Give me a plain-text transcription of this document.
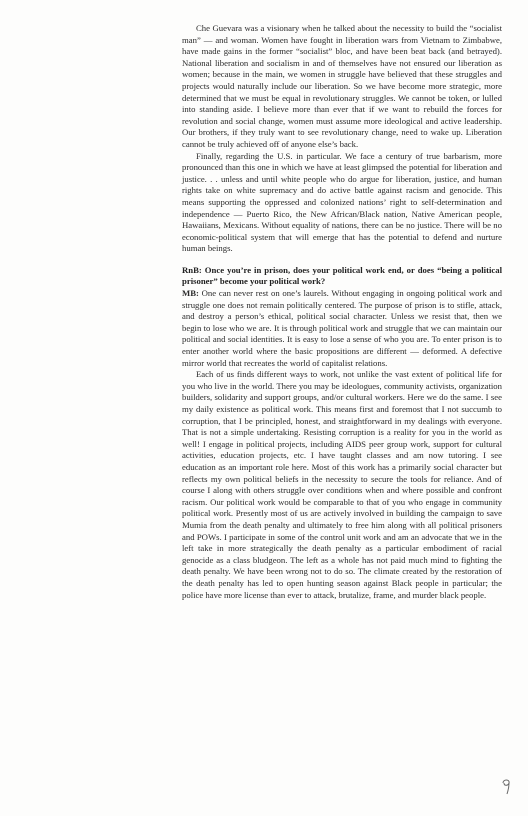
Che Guevara was a visionary when he talked about the necessity to build the “socialist man” — and woman. Women have fought in liberation wars from Vietnam to Zimbabwe, have made gains in the former “socialist” bloc, and have been beat back (and betrayed). National liberation and socialism in and of themselves have not ensured our liberation as women; because in the main, we women in struggle have believed that these struggles and projects would naturally include our liberation. So we have become more strategic, more determined that we must be equal in revolutionary struggles. We cannot be token, or lulled into standing aside. I believe more than ever that if we want to rebuild the forces for revolution and social change, women must assume more ideological and active leadership. Our brothers, if they truly want to see revolutionary change, need to wake up. Liberation cannot be truly achieved off of anyone else’s back.

Finally, regarding the U.S. in particular. We face a century of true barbarism, more pronounced than this one in which we have at least glimpsed the potential for liberation and justice. . . unless and until white people who do argue for liberation, justice, and human rights take on white supremacy and do active battle against racism and genocide. This means supporting the oppressed and colonized nations’ right to self-determination and independence — Puerto Rico, the New African/Black nation, Native American people, Hawaiians, Mexicans. Without equality of nations, there can be no justice. There will be no economic-political system that will emerge that has the potential to defend and nurture human beings.

RnB: Once you’re in prison, does your political work end, or does “being a political prisoner” become your political work?

MB: One can never rest on one’s laurels. Without engaging in ongoing political work and struggle one does not remain politically centered. The purpose of prison is to stifle, attack, and destroy a person’s ethical, political social character. Unless we resist that, then we begin to lose who we are. It is through political work and struggle that we can maintain our political and social identities. It is easy to lose a sense of who you are. To enter prison is to enter another world where the basic propositions are different — deformed. A defective mirror world that recreates the world of capitalist relations.

Each of us finds different ways to work, not unlike the vast extent of political life for you who live in the world. There you may be ideologues, community activists, organization builders, solidarity and support groups, and/or cultural workers. Here we do the same. I see my daily existence as political work. This means first and foremost that I not succumb to corruption, that I be principled, honest, and straightforward in my dealings with everyone. That is not a simple undertaking. Resisting corruption is a reality for you in the world as well! I engage in political projects, including AIDS peer group work, support for cultural activities, education projects, etc. I have taught classes and am now tutoring. I see education as an important role here. Most of this work has a primarily social character but reflects my own political beliefs in the necessity to secure the tools for reliance. And of course I along with others struggle over conditions when and where possible and confront racism. Our political work would be comparable to that of you who engage in community political work. Presently most of us are actively involved in building the campaign to save Mumia from the death penalty and ultimately to free him along with all political prisoners and POWs. I participate in some of the control unit work and am an advocate that we in the left take in more strategically the death penalty as a particular embodiment of racial genocide as a class bludgeon. The left as a whole has not paid much mind to fighting the death penalty. We have been wrong not to do so. The climate created by the restoration of the death penalty has led to open hunting season against Black people in particular; the police have more license than ever to attack, brutalize, frame, and murder black people.
